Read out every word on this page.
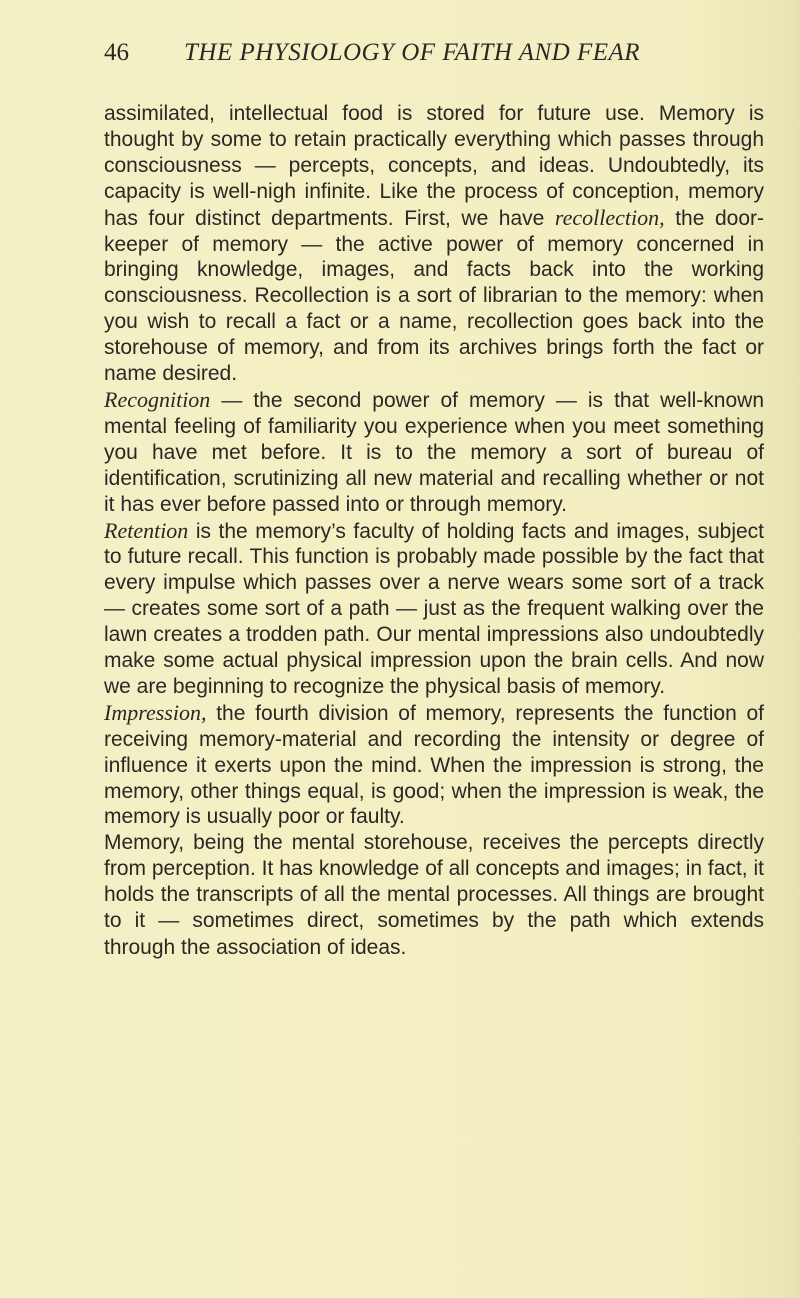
46 THE PHYSIOLOGY OF FAITH AND FEAR

assimilated, intellectual food is stored for future use. Memory is thought by some to retain practically everything which passes through consciousness — percepts, concepts, and ideas. Undoubtedly, its capacity is well-nigh infinite. Like the process of conception, memory has four distinct departments. First, we have recollection, the door-keeper of memory — the active power of memory concerned in bringing knowledge, images, and facts back into the working consciousness. Recollection is a sort of librarian to the memory: when you wish to recall a fact or a name, recollection goes back into the storehouse of memory, and from its archives brings forth the fact or name desired.

Recognition — the second power of memory — is that well-known mental feeling of familiarity you experience when you meet something you have met before. It is to the memory a sort of bureau of identification, scrutinizing all new material and recalling whether or not it has ever before passed into or through memory.

Retention is the memory’s faculty of holding facts and images, subject to future recall. This function is probably made possible by the fact that every impulse which passes over a nerve wears some sort of a track — creates some sort of a path — just as the frequent walking over the lawn creates a trodden path. Our mental impressions also undoubtedly make some actual physical impression upon the brain cells. And now we are beginning to recognize the physical basis of memory.

Impression, the fourth division of memory, represents the function of receiving memory-material and recording the intensity or degree of influence it exerts upon the mind. When the impression is strong, the memory, other things equal, is good; when the impression is weak, the memory is usually poor or faulty.

Memory, being the mental storehouse, receives the percepts directly from perception. It has knowledge of all concepts and images; in fact, it holds the transcripts of all the mental processes. All things are brought to it — sometimes direct, sometimes by the path which extends through the association of ideas.
